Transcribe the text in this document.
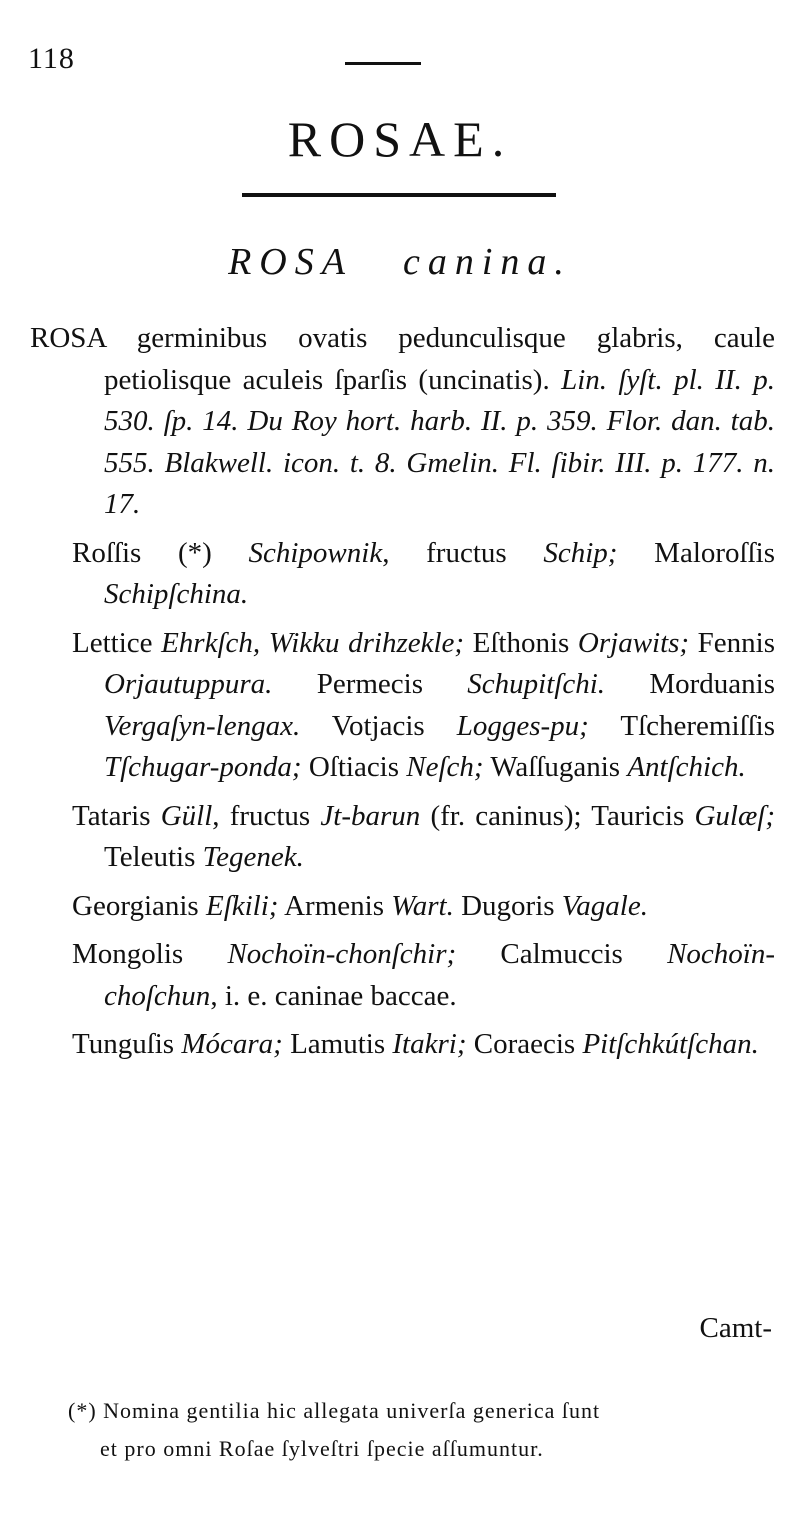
118
ROSAE.
ROSA canina.

ROSA germinibus ovatis pedunculisque glabris, caule petiolisque aculeis ſparſis (uncinatis). Lin. ſyſt. pl. II. p. 530. ſp. 14. Du Roy hort. harb. II. p. 359. Flor. dan. tab. 555. Blakwell. icon. t. 8. Gmelin. Fl. ſibir. III. p. 177. n. 17.

Roſſis (*) Schipownik, fructus Schip; Maloroſſis Schipſchina.

Lettice Ehrkſch, Wikku drihzekle; Eſthonis Orjawits; Fennis Orjautuppura. Permecis Schupitſchi. Morduanis Vergaſyn-lengax. Votjacis Logges-pu; Tſcheremiſſis Tſchugar-ponda; Oſtiacis Neſch; Waſſuganis Antſchich.

Tataris Güll, fructus Jt-barun (fr. caninus); Tauricis Gulæſ; Teleutis Tegenek.

Georgianis Eſkili; Armenis Wart. Dugoris Vagale.

Mongolis Nochoïn-chonſchir; Calmuccis Nochoïn-choſchun, i. e. caninae baccae.

Tunguſis Mócara; Lamutis Itakri; Coraecis Pitſchkútſchan.

Camt-
(*) Nomina gentilia hic allegata univerſa generica ſunt
et pro omni Roſae ſylveſtri ſpecie aſſumuntur.
